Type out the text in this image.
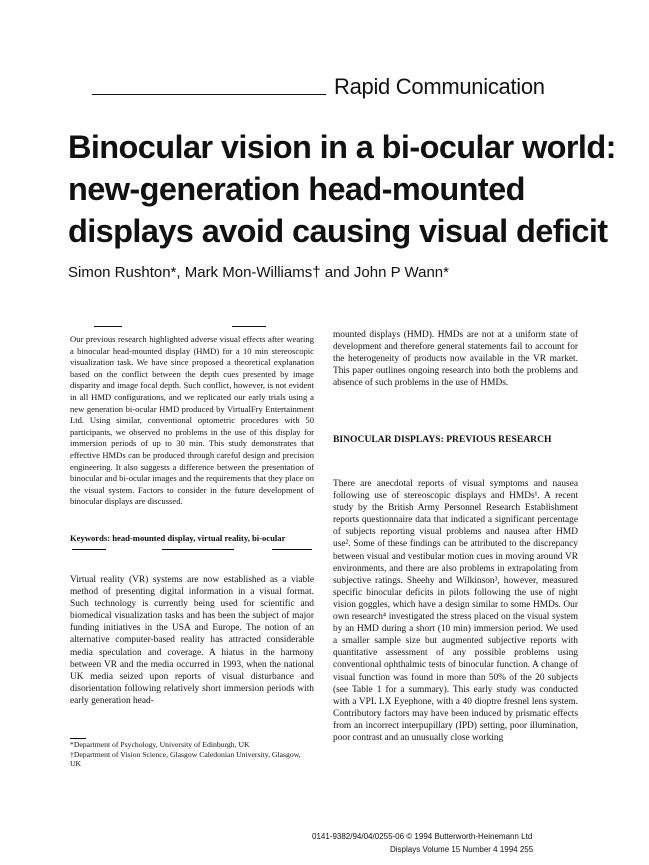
Rapid Communication
Binocular vision in a bi-ocular world:
new-generation head-mounted
displays avoid causing visual deficit
Simon Rushton*, Mark Mon-Williams† and John P Wann*

Our previous research highlighted adverse visual effects after wearing a binocular head-mounted display (HMD) for a 10 min stereoscopic visualization task. We have since proposed a theoretical explanation based on the conflict between the depth cues presented by image disparity and image focal depth. Such conflict, however, is not evident in all HMD configurations, and we replicated our early trials using a new generation bi-ocular HMD produced by VirtualFry Entertainment Ltd. Using similar, conventional optometric procedures with 50 participants, we observed no problems in the use of this display for immersion periods of up to 30 min. This study demonstrates that effective HMDs can be produced through careful design and precision engineering. It also suggests a difference between the presentation of binocular and bi-ocular images and the requirements that they place on the visual system. Factors to consider in the future development of binocular displays are discussed.

Keywords: head-mounted display, virtual reality, bi-ocular

Virtual reality (VR) systems are now established as a viable method of presenting digital information in a visual format. Such technology is currently being used for scientific and biomedical visualization tasks and has been the subject of major funding initiatives in the USA and Europe. The notion of an alternative computer-based reality has attracted considerable media speculation and coverage. A hiatus in the harmony between VR and the media occurred in 1993, when the national UK media seized upon reports of visual disturbance and disorientation following relatively short immersion periods with early generation head-

*Department of Psychology, University of Edinburgh, UK
†Department of Vision Science, Glasgow Caledonian University, Glasgow, UK

mounted displays (HMD). HMDs are not at a uniform state of development and therefore general statements fail to account for the heterogeneity of products now available in the VR market. This paper outlines ongoing research into both the problems and absence of such problems in the use of HMDs.

BINOCULAR DISPLAYS: PREVIOUS RESEARCH

There are anecdotal reports of visual symptoms and nausea following use of stereoscopic displays and HMDs¹. A recent study by the British Army Personnel Research Establishment reports questionnaire data that indicated a significant percentage of subjects reporting visual problems and nausea after HMD use². Some of these findings can be attributed to the discrepancy between visual and vestibular motion cues in moving around VR environments, and there are also problems in extrapolating from subjective ratings. Sheehy and Wilkinson³, however, measured specific binocular deficits in pilots following the use of night vision goggles, which have a design similar to some HMDs. Our own research⁴ investigated the stress placed on the visual system by an HMD during a short (10 min) immersion period. We used a smaller sample size but augmented subjective reports with quantitative assessment of any possible problems using conventional ophthalmic tests of binocular function. A change of visual function was found in more than 50% of the 20 subjects (see Table 1 for a summary). This early study was conducted with a VPL LX Eyephone, with a 40 dioptre fresnel lens system. Contributory factors may have been induced by prismatic effects from an incorrect interpupillary (IPD) setting, poor illumination, poor contrast and an unusually close working

0141-9382/94/04/0255-06 © 1994 Butterworth-Heinemann Ltd
Displays Volume 15 Number 4 1994 255
